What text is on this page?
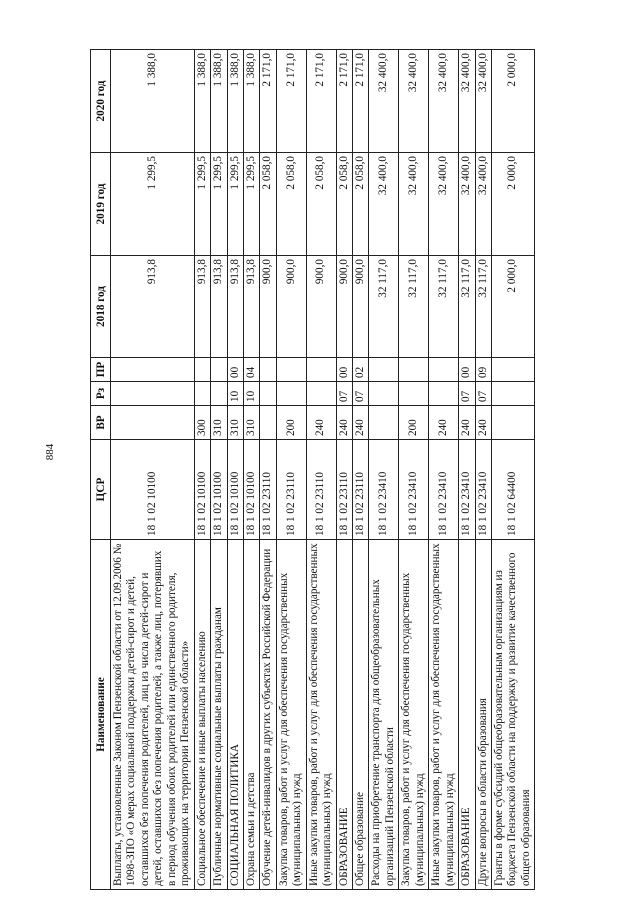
884
Наименование	ЦСР	ВР	Рз	ПР	2018 год	2019 год	2020 год
Выплаты, установленные Законом Пензенской области от 12.09.2006 № 1098-ЗПО «О мерах социальной поддержки детей-сирот и детей, оставшихся без попечения родителей, лиц из числа детей-сирот и детей, оставшихся без попечения родителей, а также лиц, потерявших в период обучения обоих родителей или единственного родителя, проживающих на территории Пензенской области»	18 1 02 10100				913,8	1 299,5	1 388,0
Социальное обеспечение и иные выплаты населению	18 1 02 10100	300			913,8	1 299,5	1 388,0
Публичные нормативные социальные выплаты гражданам	18 1 02 10100	310			913,8	1 299,5	1 388,0
СОЦИАЛЬНАЯ ПОЛИТИКА	18 1 02 10100	310	10	00	913,8	1 299,5	1 388,0
Охрана семьи и детства	18 1 02 10100	310	10	04	913,8	1 299,5	1 388,0
Обучение детей-инвалидов в других субъектах Российской Федерации	18 1 02 23110				900,0	2 058,0	2 171,0
Закупка товаров, работ и услуг для обеспечения государственных (муниципальных) нужд	18 1 02 23110	200			900,0	2 058,0	2 171,0
Иные закупки товаров, работ и услуг для обеспечения государственных (муниципальных) нужд	18 1 02 23110	240			900,0	2 058,0	2 171,0
ОБРАЗОВАНИЕ	18 1 02 23110	240	07	00	900,0	2 058,0	2 171,0
Общее образование	18 1 02 23110	240	07	02	900,0	2 058,0	2 171,0
Расходы на приобретение транспорта для общеобразовательных организаций Пензенской области	18 1 02 23410				32 117,0	32 400,0	32 400,0
Закупка товаров, работ и услуг для обеспечения государственных (муниципальных) нужд	18 1 02 23410	200			32 117,0	32 400,0	32 400,0
Иные закупки товаров, работ и услуг для обеспечения государственных (муниципальных) нужд	18 1 02 23410	240			32 117,0	32 400,0	32 400,0
ОБРАЗОВАНИЕ	18 1 02 23410	240	07	00	32 117,0	32 400,0	32 400,0
Другие вопросы в области образования	18 1 02 23410	240	07	09	32 117,0	32 400,0	32 400,0
Гранты в форме субсидий общеобразовательным организациям из бюджета Пензенской области на поддержку и развитие качественного общего образования	18 1 02 64400				2 000,0	2 000,0	2 000,0
